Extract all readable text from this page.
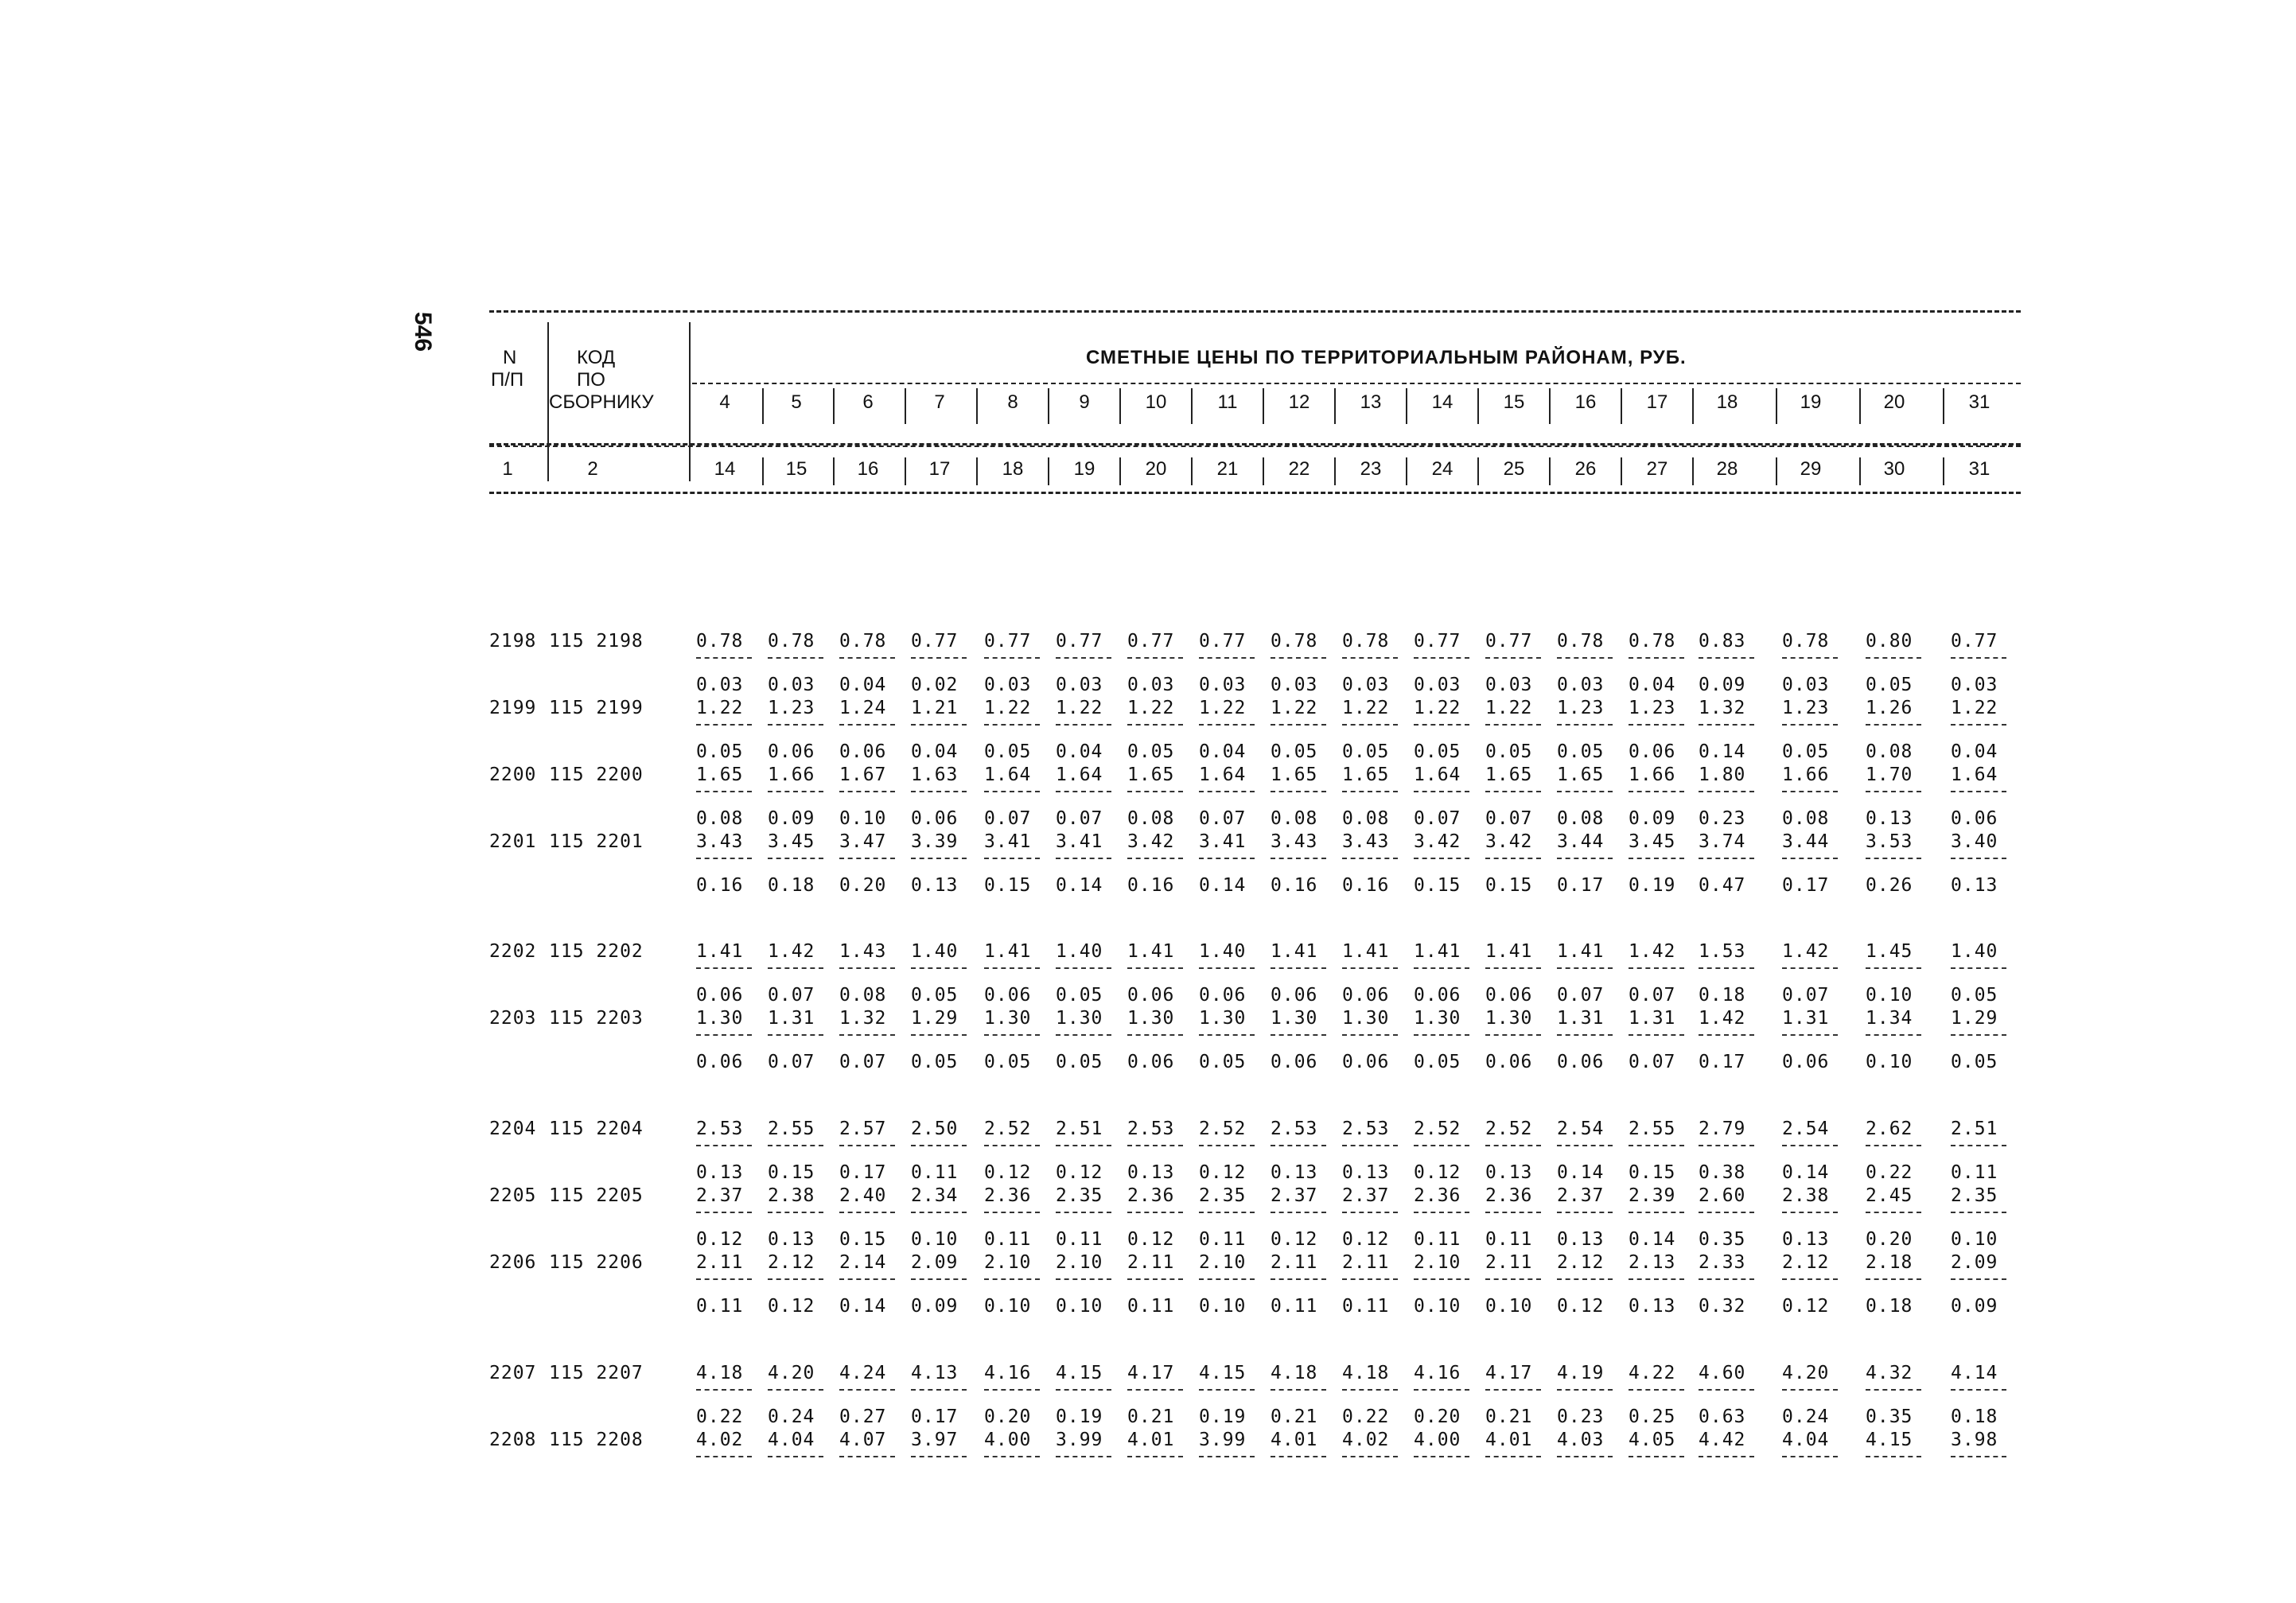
546
N
П/П
КОД
ПО
СБОРНИКУ
СМЕТНЫЕ ЦЕНЫ ПО ТЕРРИТОРИАЛЬНЫМ РАЙОНАМ, РУБ.
4	5	6	7	8	9	10	11	12	13	14	15	16	17	18	19	20	31
1	2	14	15	16	17	18	19	20	21	22	23	24	25	26	27	28	29	30	31
2198 115 2198	0.78 0.78 0.78 0.77 0.77 0.77 0.77 0.77 0.78 0.78 0.77 0.77 0.78 0.78 0.83 0.78 0.80 0.77
0.03 0.03 0.04 0.02 0.03 0.03 0.03 0.03 0.03 0.03 0.03 0.03 0.03 0.04 0.09 0.03 0.05 0.03
2199 115 2199	1.22 1.23 1.24 1.21 1.22 1.22 1.22 1.22 1.22 1.22 1.22 1.22 1.23 1.23 1.32 1.23 1.26 1.22
0.05 0.06 0.06 0.04 0.05 0.04 0.05 0.04 0.05 0.05 0.05 0.05 0.05 0.06 0.14 0.05 0.08 0.04
2200 115 2200	1.65 1.66 1.67 1.63 1.64 1.64 1.65 1.64 1.65 1.65 1.64 1.65 1.65 1.66 1.80 1.66 1.70 1.64
0.08 0.09 0.10 0.06 0.07 0.07 0.08 0.07 0.08 0.08 0.07 0.07 0.08 0.09 0.23 0.08 0.13 0.06
2201 115 2201	3.43 3.45 3.47 3.39 3.41 3.41 3.42 3.41 3.43 3.43 3.42 3.42 3.44 3.45 3.74 3.44 3.53 3.40
0.16 0.18 0.20 0.13 0.15 0.14 0.16 0.14 0.16 0.16 0.15 0.15 0.17 0.19 0.47 0.17 0.26 0.13
2202 115 2202	1.41 1.42 1.43 1.40 1.41 1.40 1.41 1.40 1.41 1.41 1.41 1.41 1.41 1.42 1.53 1.42 1.45 1.40
0.06 0.07 0.08 0.05 0.06 0.05 0.06 0.06 0.06 0.06 0.06 0.06 0.07 0.07 0.18 0.07 0.10 0.05
2203 115 2203	1.30 1.31 1.32 1.29 1.30 1.30 1.30 1.30 1.30 1.30 1.30 1.30 1.31 1.31 1.42 1.31 1.34 1.29
0.06 0.07 0.07 0.05 0.05 0.05 0.06 0.05 0.06 0.06 0.05 0.06 0.06 0.07 0.17 0.06 0.10 0.05
2204 115 2204	2.53 2.55 2.57 2.50 2.52 2.51 2.53 2.52 2.53 2.53 2.52 2.52 2.54 2.55 2.79 2.54 2.62 2.51
0.13 0.15 0.17 0.11 0.12 0.12 0.13 0.12 0.13 0.13 0.12 0.13 0.14 0.15 0.38 0.14 0.22 0.11
2205 115 2205	2.37 2.38 2.40 2.34 2.36 2.35 2.36 2.35 2.37 2.37 2.36 2.36 2.37 2.39 2.60 2.38 2.45 2.35
0.12 0.13 0.15 0.10 0.11 0.11 0.12 0.11 0.12 0.12 0.11 0.11 0.13 0.14 0.35 0.13 0.20 0.10
2206 115 2206	2.11 2.12 2.14 2.09 2.10 2.10 2.11 2.10 2.11 2.11 2.10 2.11 2.12 2.13 2.33 2.12 2.18 2.09
0.11 0.12 0.14 0.09 0.10 0.10 0.11 0.10 0.11 0.11 0.10 0.10 0.12 0.13 0.32 0.12 0.18 0.09
2207 115 2207	4.18 4.20 4.24 4.13 4.16 4.15 4.17 4.15 4.18 4.18 4.16 4.17 4.19 4.22 4.60 4.20 4.32 4.14
0.22 0.24 0.27 0.17 0.20 0.19 0.21 0.19 0.21 0.22 0.20 0.21 0.23 0.25 0.63 0.24 0.35 0.18
2208 115 2208	4.02 4.04 4.07 3.97 4.00 3.99 4.01 3.99 4.01 4.02 4.00 4.01 4.03 4.05 4.42 4.04 4.15 3.98
